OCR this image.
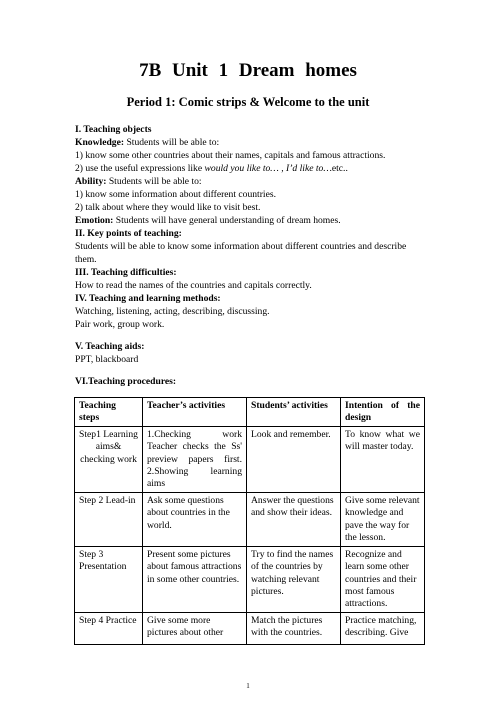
7B Unit 1 Dream homes
Period 1: Comic strips & Welcome to the unit

I. Teaching objects

Knowledge: Students will be able to:

1) know some other countries about their names, capitals and famous attractions.

2) use the useful expressions like would you like to… , I’d like to…etc..

Ability: Students will be able to:

1) know some information about different countries.

2) talk about where they would like to visit best.

Emotion: Students will have general understanding of dream homes.

II. Key points of teaching:

Students will be able to know some information about different countries and describe them.

III. Teaching difficulties:

How to read the names of the countries and capitals correctly.

IV. Teaching and learning methods:

Watching, listening, acting, describing, discussing.

Pair work, group work.

V. Teaching aids:

PPT, blackboard

VI.Teaching procedures:

Teaching steps	Teacher’s activities	Students’ activities	Intention of the design
Step1 Learning aims& checking work	1.Checking work Teacher checks the Ss' preview papers first. 2.Showing learning aims	Look and remember.	To know what we will master today.
Step 2 Lead-in	Ask some questions about countries in the world.	Answer the questions and show their ideas.	Give some relevant knowledge and pave the way for the lesson.
Step 3 Presentation	Present some pictures about famous attractions in some other countries.	Try to find the names of the countries by watching relevant pictures.	Recognize and learn some other countries and their most famous attractions.
Step 4 Practice	Give some more pictures about other	Match the pictures with the countries.	Practice matching, describing. Give
1
